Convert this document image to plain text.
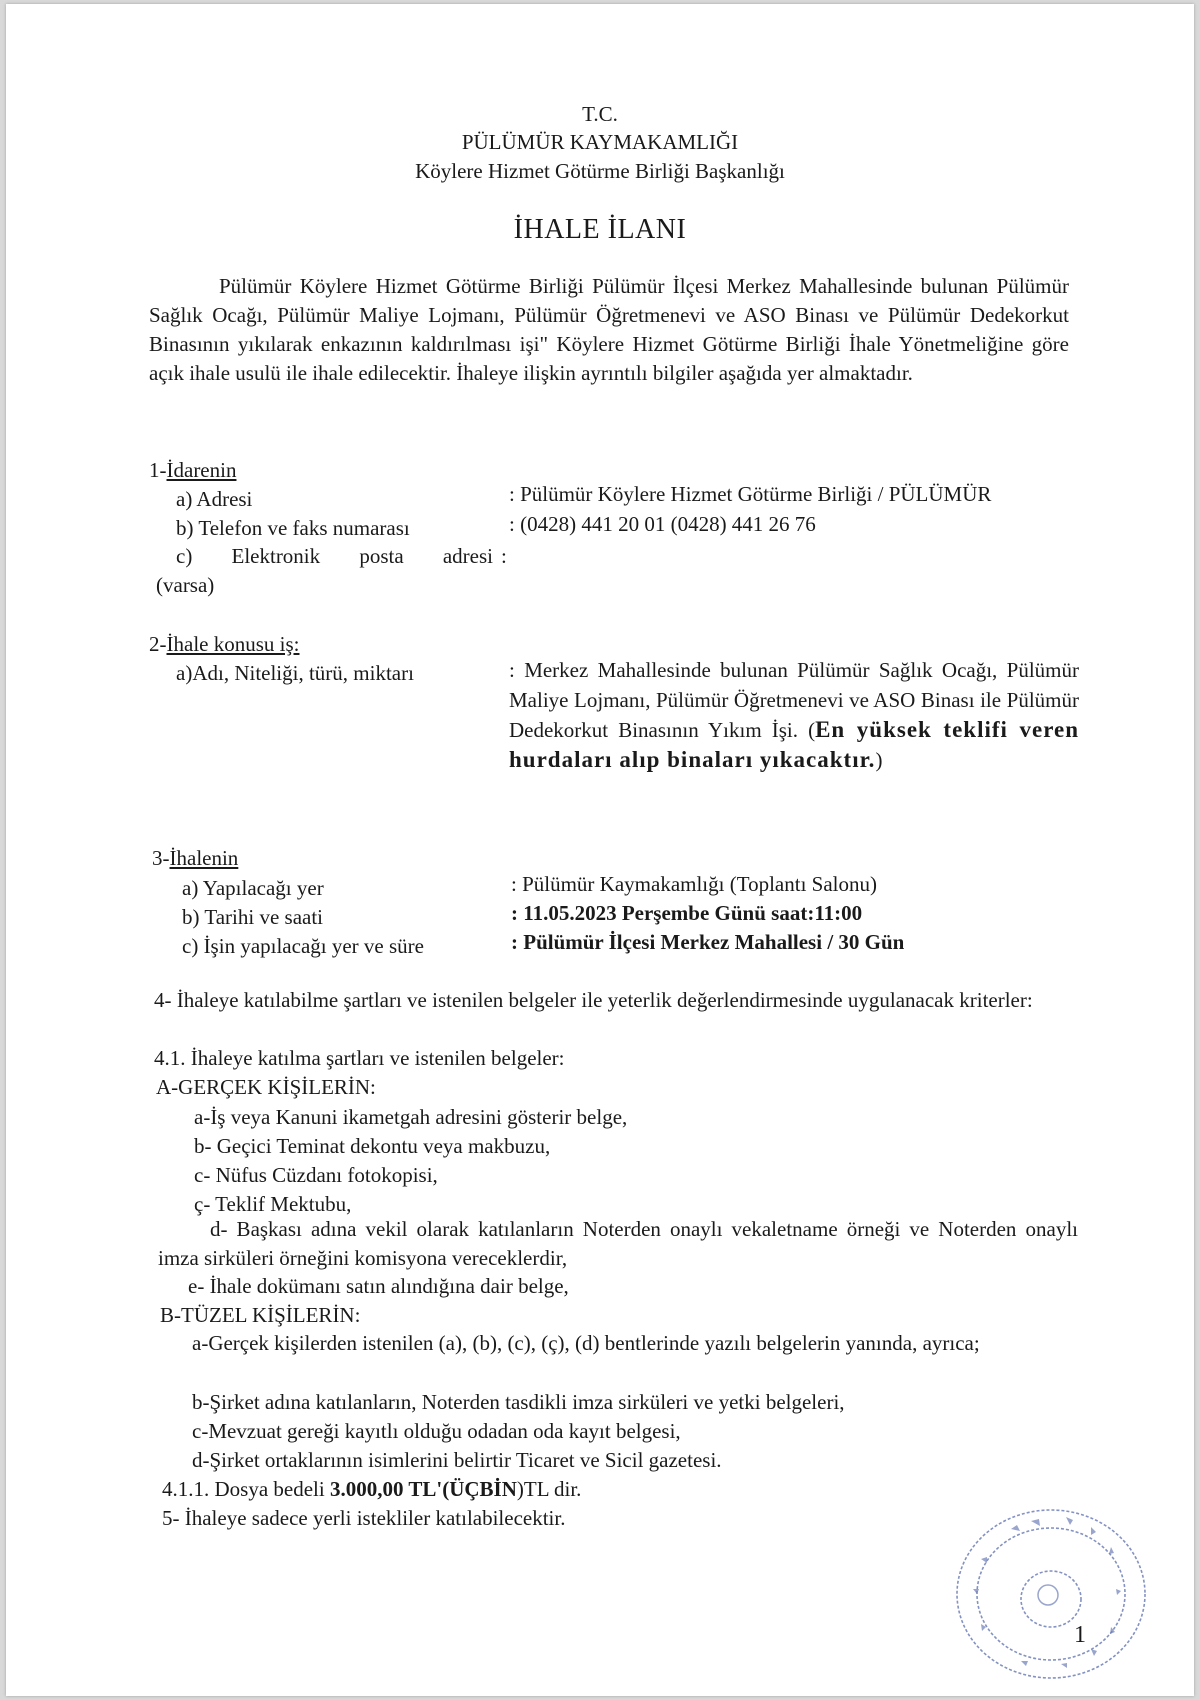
T.C.
PÜLÜMÜR KAYMAKAMLIĞI
Köylere Hizmet Götürme Birliği Başkanlığı
İHALE İLANI
Pülümür Köylere Hizmet Götürme Birliği Pülümür İlçesi Merkez Mahallesinde bulunan Pülümür Sağlık Ocağı, Pülümür Maliye Lojmanı, Pülümür Öğretmenevi ve ASO Binası ve Pülümür Dedekorkut Binasının yıkılarak enkazının kaldırılması işi" Köylere Hizmet Götürme Birliği İhale Yönetmeliğine göre açık ihale usulü ile ihale edilecektir. İhaleye ilişkin ayrıntılı bilgiler aşağıda yer almaktadır.
1-İdarenin
a) Adresi	: Pülümür Köylere Hizmet Götürme Birliği / PÜLÜMÜR
b) Telefon ve faks numarası	: (0428) 441 20 01 (0428) 441 26 76
c) Elektronik posta adresi :
(varsa)
2-İhale konusu iş:
a)Adı, Niteliği, türü, miktarı	: Merkez Mahallesinde bulunan Pülümür Sağlık Ocağı, Pülümür Maliye Lojmanı, Pülümür Öğretmenevi ve ASO Binası ile Pülümür Dedekorkut Binasının Yıkım İşi. (En yüksek teklifi veren hurdaları alıp binaları yıkacaktır.)
3-İhalenin
a) Yapılacağı yer	: Pülümür Kaymakamlığı (Toplantı Salonu)
b) Tarihi ve saati	: 11.05.2023 Perşembe Günü saat:11:00
c) İşin yapılacağı yer ve süre	: Pülümür İlçesi Merkez Mahallesi / 30 Gün
4- İhaleye katılabilme şartları ve istenilen belgeler ile yeterlik değerlendirmesinde uygulanacak kriterler:
4.1. İhaleye katılma şartları ve istenilen belgeler:
A-GERÇEK KİŞİLERİN:
a-İş veya Kanuni ikametgah adresini gösterir belge,
b- Geçici Teminat dekontu veya makbuzu,
c- Nüfus Cüzdanı fotokopisi,
ç- Teklif Mektubu,
d- Başkası adına vekil olarak katılanların Noterden onaylı vekaletname örneği ve Noterden onaylı imza sirküleri örneğini komisyona vereceklerdir,
e- İhale dokümanı satın alındığına dair belge,
B-TÜZEL KİŞİLERİN:
a-Gerçek kişilerden istenilen (a), (b), (c), (ç), (d) bentlerinde yazılı belgelerin yanında, ayrıca;
b-Şirket adına katılanların, Noterden tasdikli imza sirküleri ve yetki belgeleri,
c-Mevzuat gereği kayıtlı olduğu odadan oda kayıt belgesi,
d-Şirket ortaklarının isimlerini belirtir Ticaret ve Sicil gazetesi.
4.1.1. Dosya bedeli 3.000,00 TL'(ÜÇBİN)TL dir.
5- İhaleye sadece yerli istekliler katılabilecektir.
1
